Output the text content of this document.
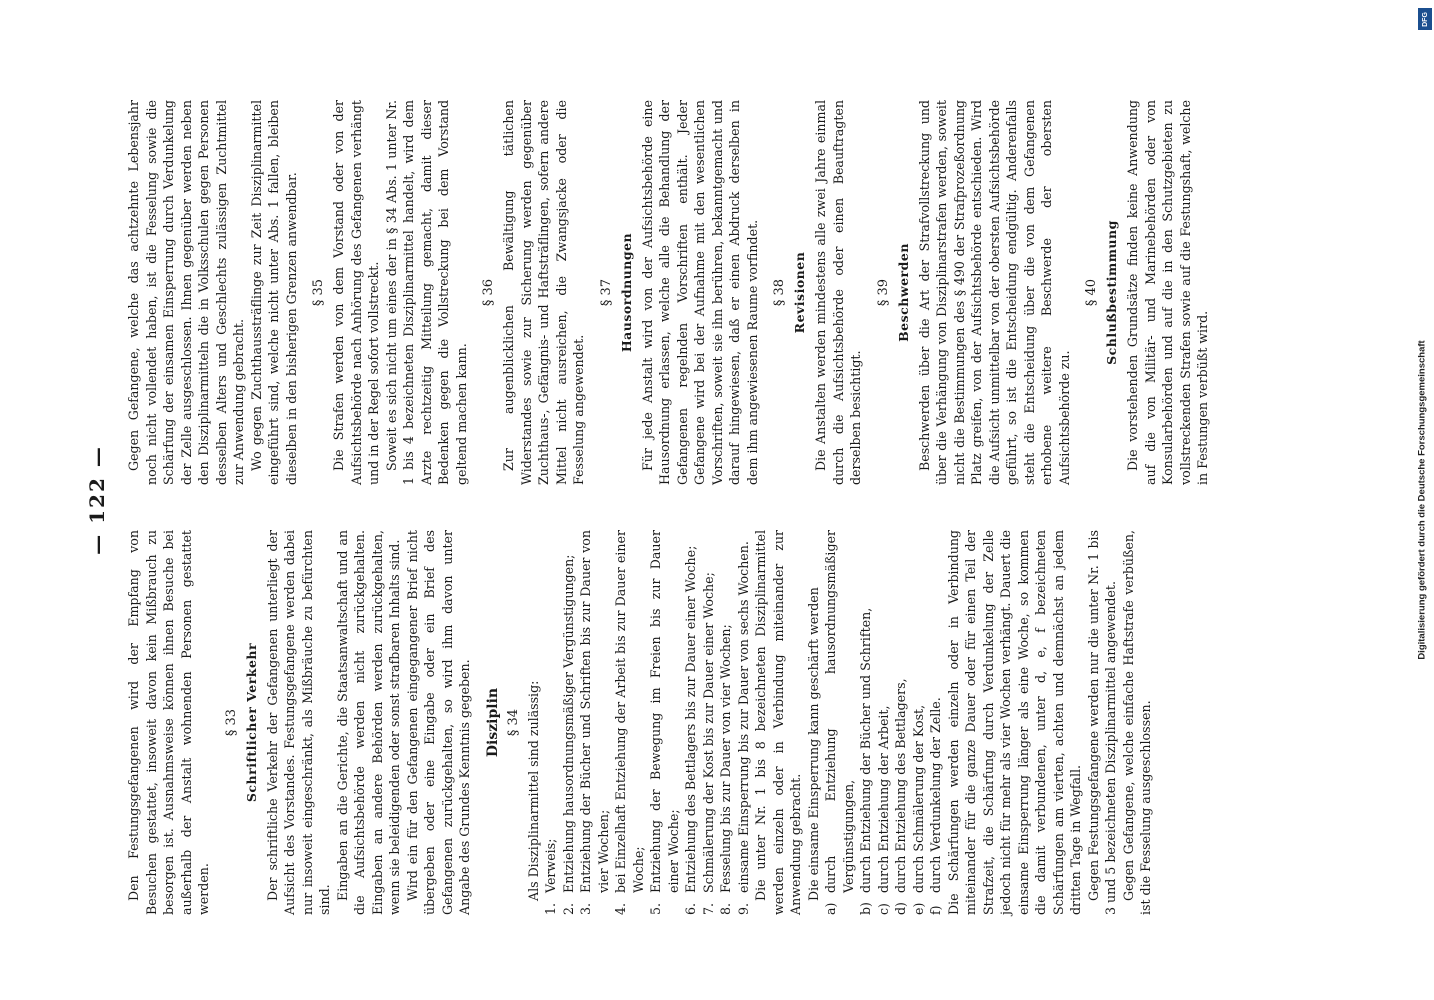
DFG
Digitalisierung gefördert durch die Deutsche Forschungsgemeinschaft
— 122 —

Den Festungsgefangenen wird der Empfang von Besuchen gestattet, insoweit davon kein Mißbrauch zu besorgen ist. Ausnahmsweise können ihnen Besuche bei außerhalb der Anstalt wohnenden Personen gestattet werden.

§ 33 Schriftlicher Verkehr Der schriftliche Verkehr der Gefangenen unterliegt der Aufsicht des Vorstandes. Festungsgefangene werden dabei nur insoweit eingeschränkt, als Mißbräuche zu befürchten sind. Eingaben an die Gerichte, die Staatsanwaltschaft und an die Aufsichtsbehörde werden nicht zurückgehalten. Eingaben an andere Behörden werden zurückgehalten, wenn sie beleidigenden oder sonst strafbaren Inhalts sind. Wird ein für den Gefangenen eingegangener Brief nicht übergeben oder eine Eingabe oder ein Brief des Gefangenen zurückgehalten, so wird ihm davon unter Angabe des Grundes Kenntnis gegeben. Disziplin § 34 Als Disziplinarmittel sind zulässig:

1.Verweis;
2.Entziehung hausordnungsmäßiger Vergünstigungen;
3.Entziehung der Bücher und Schriften bis zur Dauer von vier Wochen;
4.bei Einzelhaft Entziehung der Arbeit bis zur Dauer einer Woche;
5.Entziehung der Bewegung im Freien bis zur Dauer einer Woche;
6.Entziehung des Bettlagers bis zur Dauer einer Woche;
7.Schmälerung der Kost bis zur Dauer einer Woche;
8.Fesselung bis zur Dauer von vier Wochen;
9.einsame Einsperrung bis zur Dauer von sechs Wochen. Die unter Nr. 1 bis 8 bezeichneten Disziplinarmittel werden einzeln oder in Verbindung miteinander zur Anwendung gebracht. Die einsame Einsperrung kann geschärft werden

a)durch Entziehung hausordnungsmäßiger Vergünstigungen,
b)durch Entziehung der Bücher und Schriften,
c)durch Entziehung der Arbeit,
d)durch Entziehung des Bettlagers,
e)durch Schmälerung der Kost,
f)durch Verdunkelung der Zelle. Die Schärfungen werden einzeln oder in Verbindung miteinander für die ganze Dauer oder für einen Teil der Strafzeit, die Schärfung durch Verdunkelung der Zelle jedoch nicht für mehr als vier Wochen verhängt. Dauert die einsame Einsperrung länger als eine Woche, so kommen die damit verbundenen, unter d, e, f bezeichneten Schärfungen am vierten, achten und demnächst an jedem dritten Tage in Wegfall. Gegen Festungsgefangene werden nur die unter Nr. 1 bis 3 und 5 bezeichneten Disziplinarmittel angewendet. Gegen Gefangene, welche einfache Haftstrafe verbüßen, ist die Fesselung ausgeschlossen.

Gegen Gefangene, welche das achtzehnte Lebensjahr noch nicht vollendet haben, ist die Fesselung sowie die Schärfung der einsamen Einsperrung durch Verdunkelung der Zelle ausgeschlossen. Ihnen gegenüber werden neben den Disziplinarmitteln die in Volksschulen gegen Personen desselben Alters und Geschlechts zulässigen Zuchtmittel zur Anwendung gebracht. Wo gegen Zuchthaussträflinge zur Zeit Disziplinarmittel eingeführt sind, welche nicht unter Abs. 1 fallen, bleiben dieselben in den bisherigen Grenzen anwendbar. § 35 Die Strafen werden von dem Vorstand oder von der Aufsichtsbehörde nach Anhörung des Gefangenen verhängt und in der Regel sofort vollstreckt. Soweit es sich nicht um eines der in § 34 Abs. 1 unter Nr. 1 bis 4 bezeichneten Disziplinarmittel handelt, wird dem Arzte rechtzeitig Mitteilung gemacht, damit dieser Bedenken gegen die Vollstreckung bei dem Vorstand geltend machen kann.

§ 36 Zur augenblicklichen Bewältigung tätlichen Widerstandes sowie zur Sicherung werden gegenüber Zuchthaus-, Gefängnis- und Haftsträflingen, sofern andere Mittel nicht ausreichen, die Zwangsjacke oder die Fesselung angewendet.

§ 37 Hausordnungen Für jede Anstalt wird von der Aufsichtsbehörde eine Hausordnung erlassen, welche alle die Behandlung der Gefangenen regelnden Vorschriften enthält. Jeder Gefangene wird bei der Aufnahme mit den wesentlichen Vorschriften, soweit sie ihn berühren, bekanntgemacht und darauf hingewiesen, daß er einen Abdruck derselben in dem ihm angewiesenen Raume vorfindet. § 38 Revisionen Die Anstalten werden mindestens alle zwei Jahre einmal durch die Aufsichtsbehörde oder einen Beauftragten derselben besichtigt.

§ 39 Beschwerden Beschwerden über die Art der Strafvollstreckung und über die Verhängung von Disziplinarstrafen werden, soweit nicht die Bestimmungen des § 490 der Strafprozeßordnung Platz greifen, von der Aufsichtsbehörde entschieden. Wird die Aufsicht unmittelbar von der obersten Aufsichtsbehörde geführt, so ist die Entscheidung endgültig. Anderenfalls steht die Entscheidung über die von dem Gefangenen erhobene weitere Beschwerde der obersten Aufsichtsbehörde zu.

§ 40 Schlußbestimmung Die vorstehenden Grundsätze finden keine Anwendung auf die von Militär- und Marinebehörden oder von Konsularbehörden und auf die in den Schutzgebieten zu vollstreckenden Strafen sowie auf die Festungshaft, welche in Festungen verbüßt wird.
